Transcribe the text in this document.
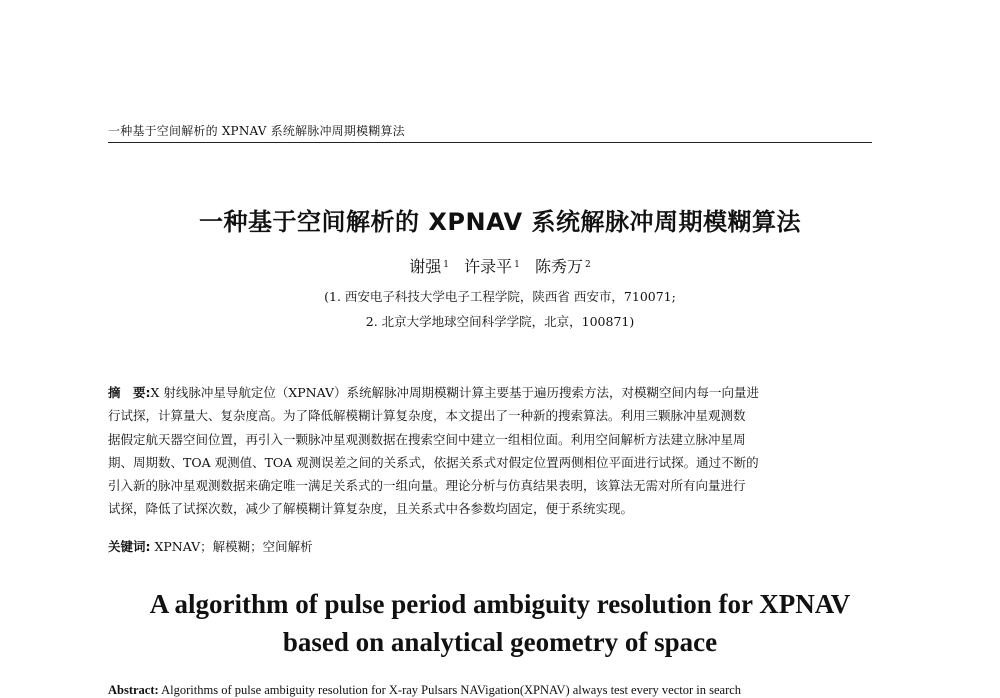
一种基于空间解析的 XPNAV 系统解脉冲周期模糊算法
一种基于空间解析的 XPNAV 系统解脉冲周期模糊算法
谢强 $^1$ 许录平 $^1$ 陈秀万 $^2$
(1. 西安电子科技大学电子工程学院，陕西省 西安市，710071;
2. 北京大学地球空间科学学院，北京，100871)
摘　要:X 射线脉冲星导航定位（XPNAV）系统解脉冲周期模糊计算主要基于遍历搜索方法，对模糊空间内每一向量进
行试探，计算量大、复杂度高。为了降低解模糊计算复杂度，本文提出了一种新的搜索算法。利用三颗脉冲星观测数
据假定航天器空间位置，再引入一颗脉冲星观测数据在搜索空间中建立一组相位面。利用空间解析方法建立脉冲星周
期、周期数、TOA 观测值、TOA 观测误差之间的关系式，依据关系式对假定位置两侧相位平面进行试探。通过不断的
引入新的脉冲星观测数据来确定唯一满足关系式的一组向量。理论分析与仿真结果表明，该算法无需对所有向量进行
试探，降低了试探次数，减少了解模糊计算复杂度，且关系式中各参数均固定，便于系统实现。
关键词: XPNAV；解模糊；空间解析
A algorithm of pulse period ambiguity resolution for XPNAV
based on analytical geometry of space
Abstract: Algorithms of pulse ambiguity resolution for X-ray Pulsars NAVigation(XPNAV) always test every vector in search
